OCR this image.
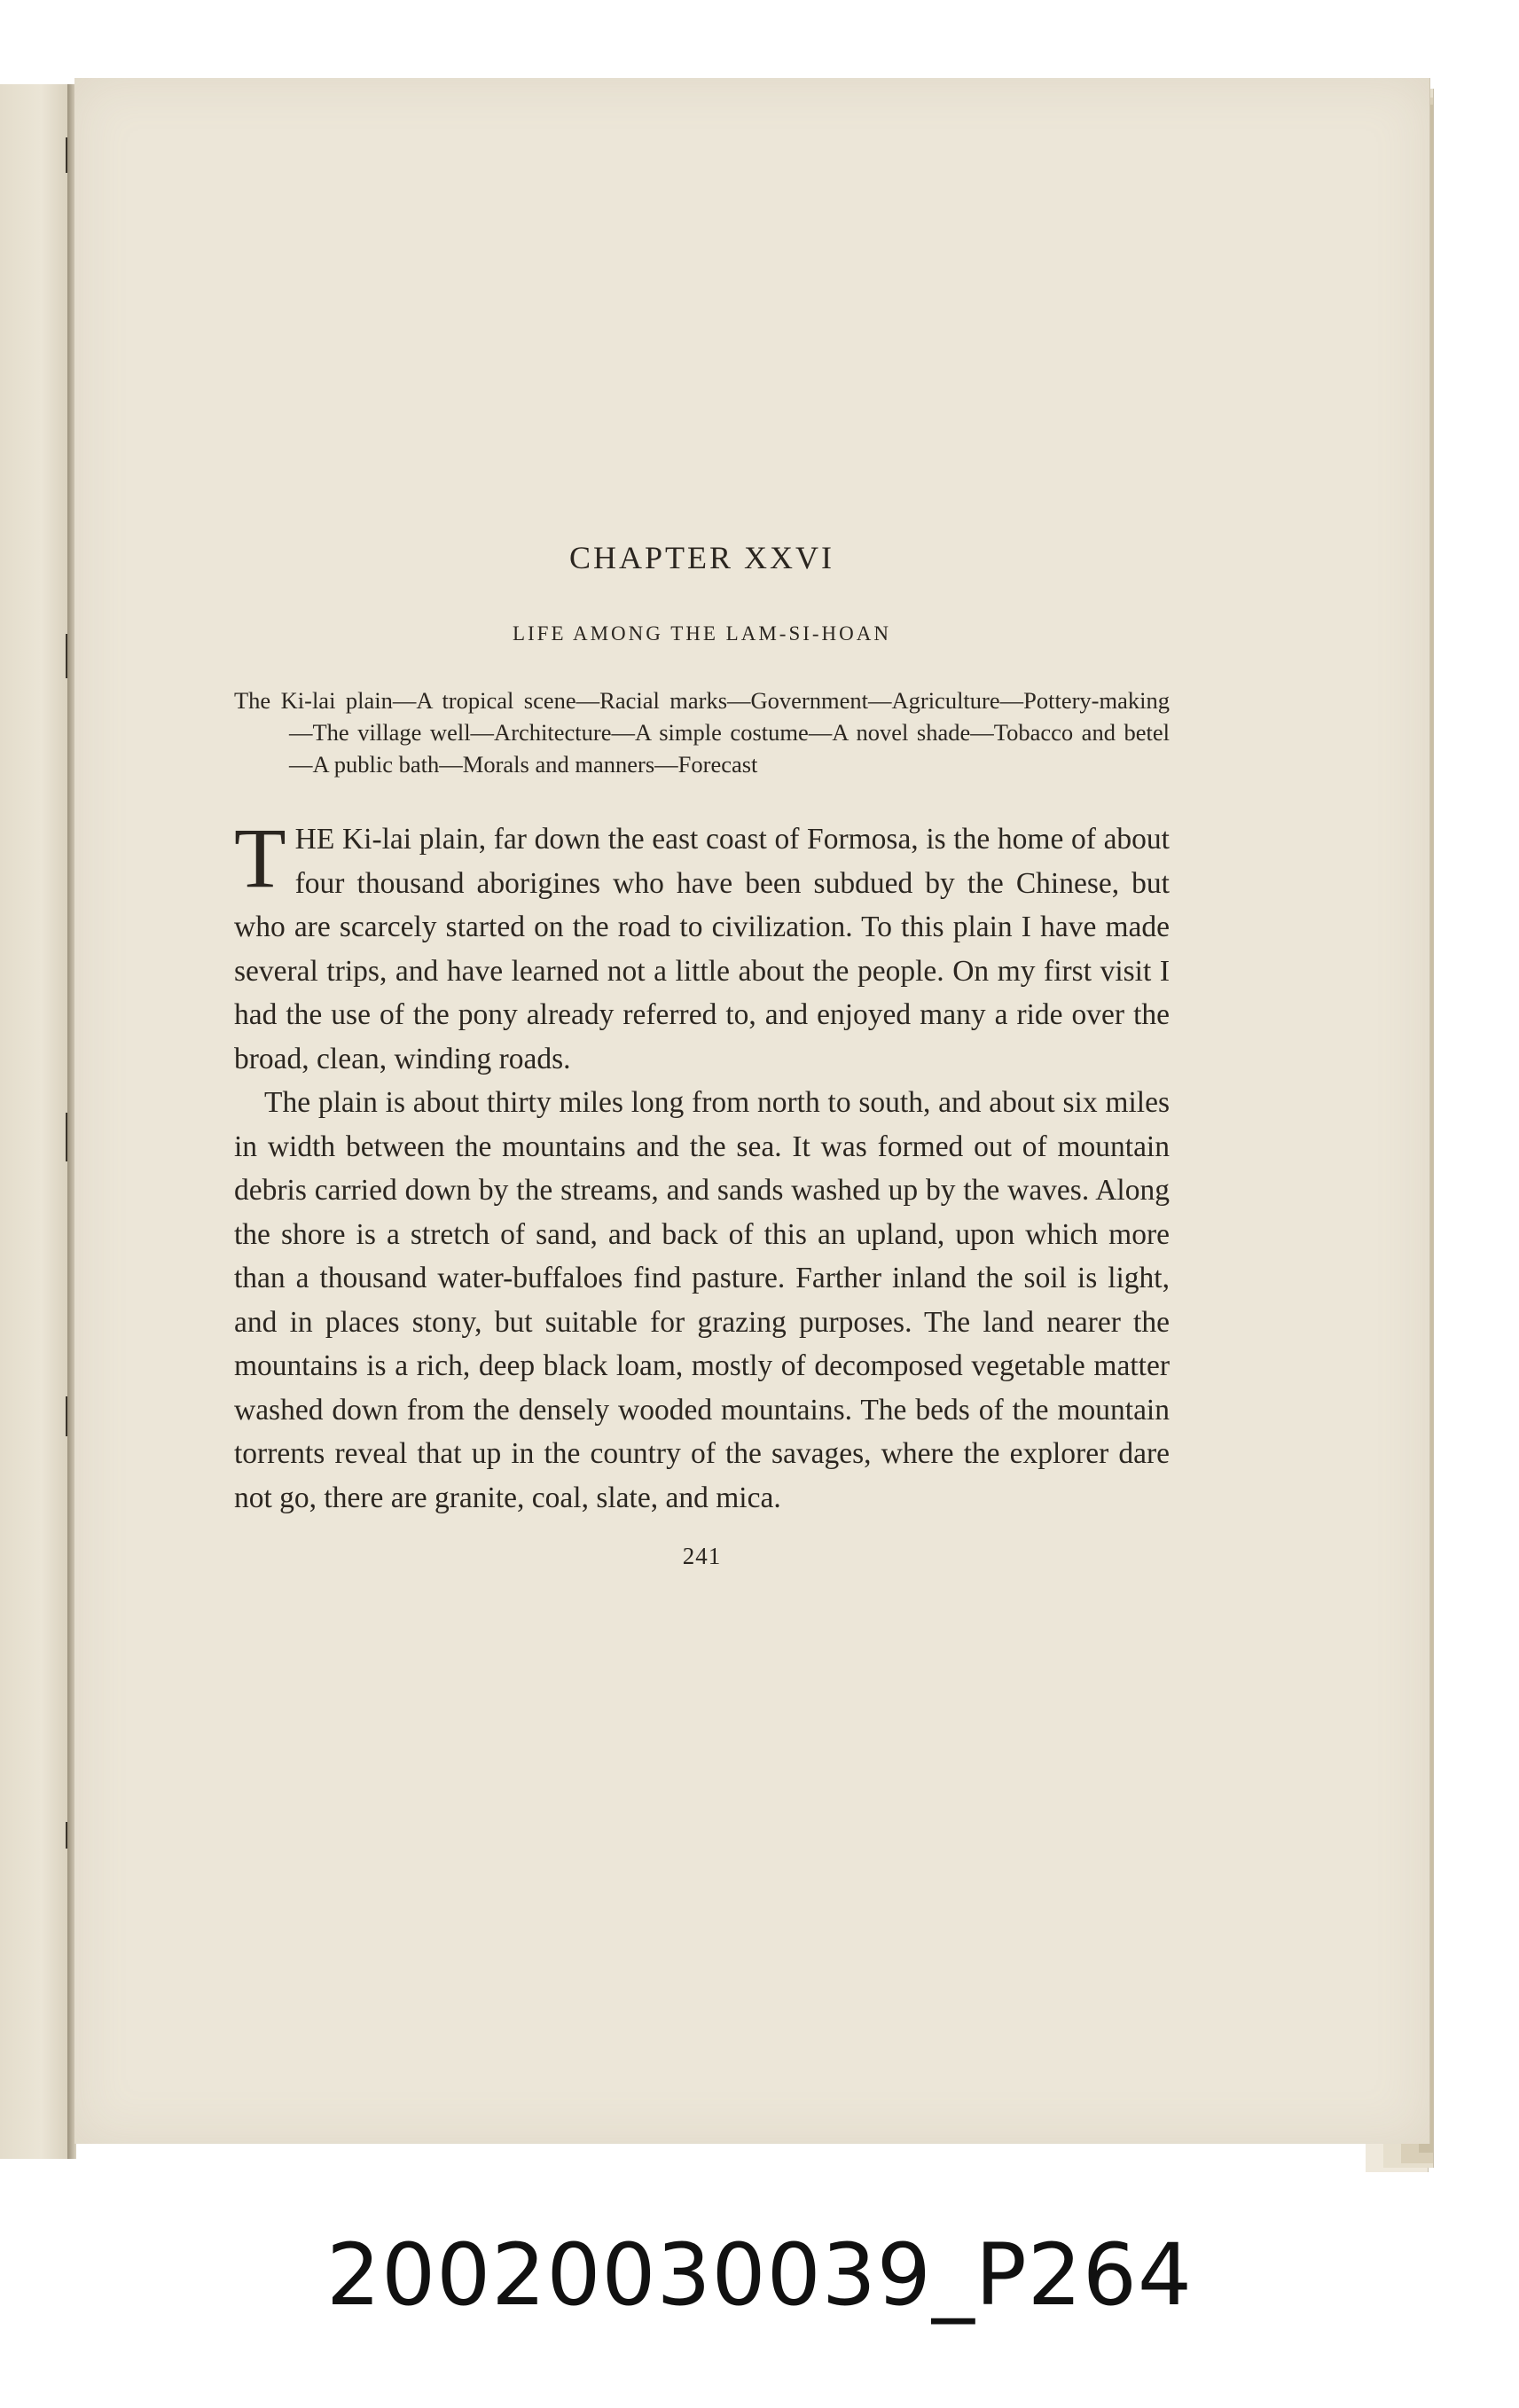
CHAPTER XXVI
LIFE AMONG THE LAM-SI-HOAN

The Ki-lai plain—A tropical scene—Racial marks—Government—Agriculture—Pottery-making—The village well—Architecture—A simple costume—A novel shade—Tobacco and betel—A public bath—Morals and manners—Forecast

THE Ki-lai plain, far down the east coast of Formosa, is the home of about four thousand aborigines who have been subdued by the Chinese, but who are scarcely started on the road to civilization. To this plain I have made several trips, and have learned not a little about the people. On my first visit I had the use of the pony already referred to, and enjoyed many a ride over the broad, clean, winding roads.

The plain is about thirty miles long from north to south, and about six miles in width between the mountains and the sea. It was formed out of mountain debris carried down by the streams, and sands washed up by the waves. Along the shore is a stretch of sand, and back of this an upland, upon which more than a thousand water-buffaloes find pasture. Farther inland the soil is light, and in places stony, but suitable for grazing purposes. The land nearer the mountains is a rich, deep black loam, mostly of decomposed vegetable matter washed down from the densely wooded mountains. The beds of the mountain torrents reveal that up in the country of the savages, where the explorer dare not go, there are granite, coal, slate, and mica.

241
20020030039_P264
